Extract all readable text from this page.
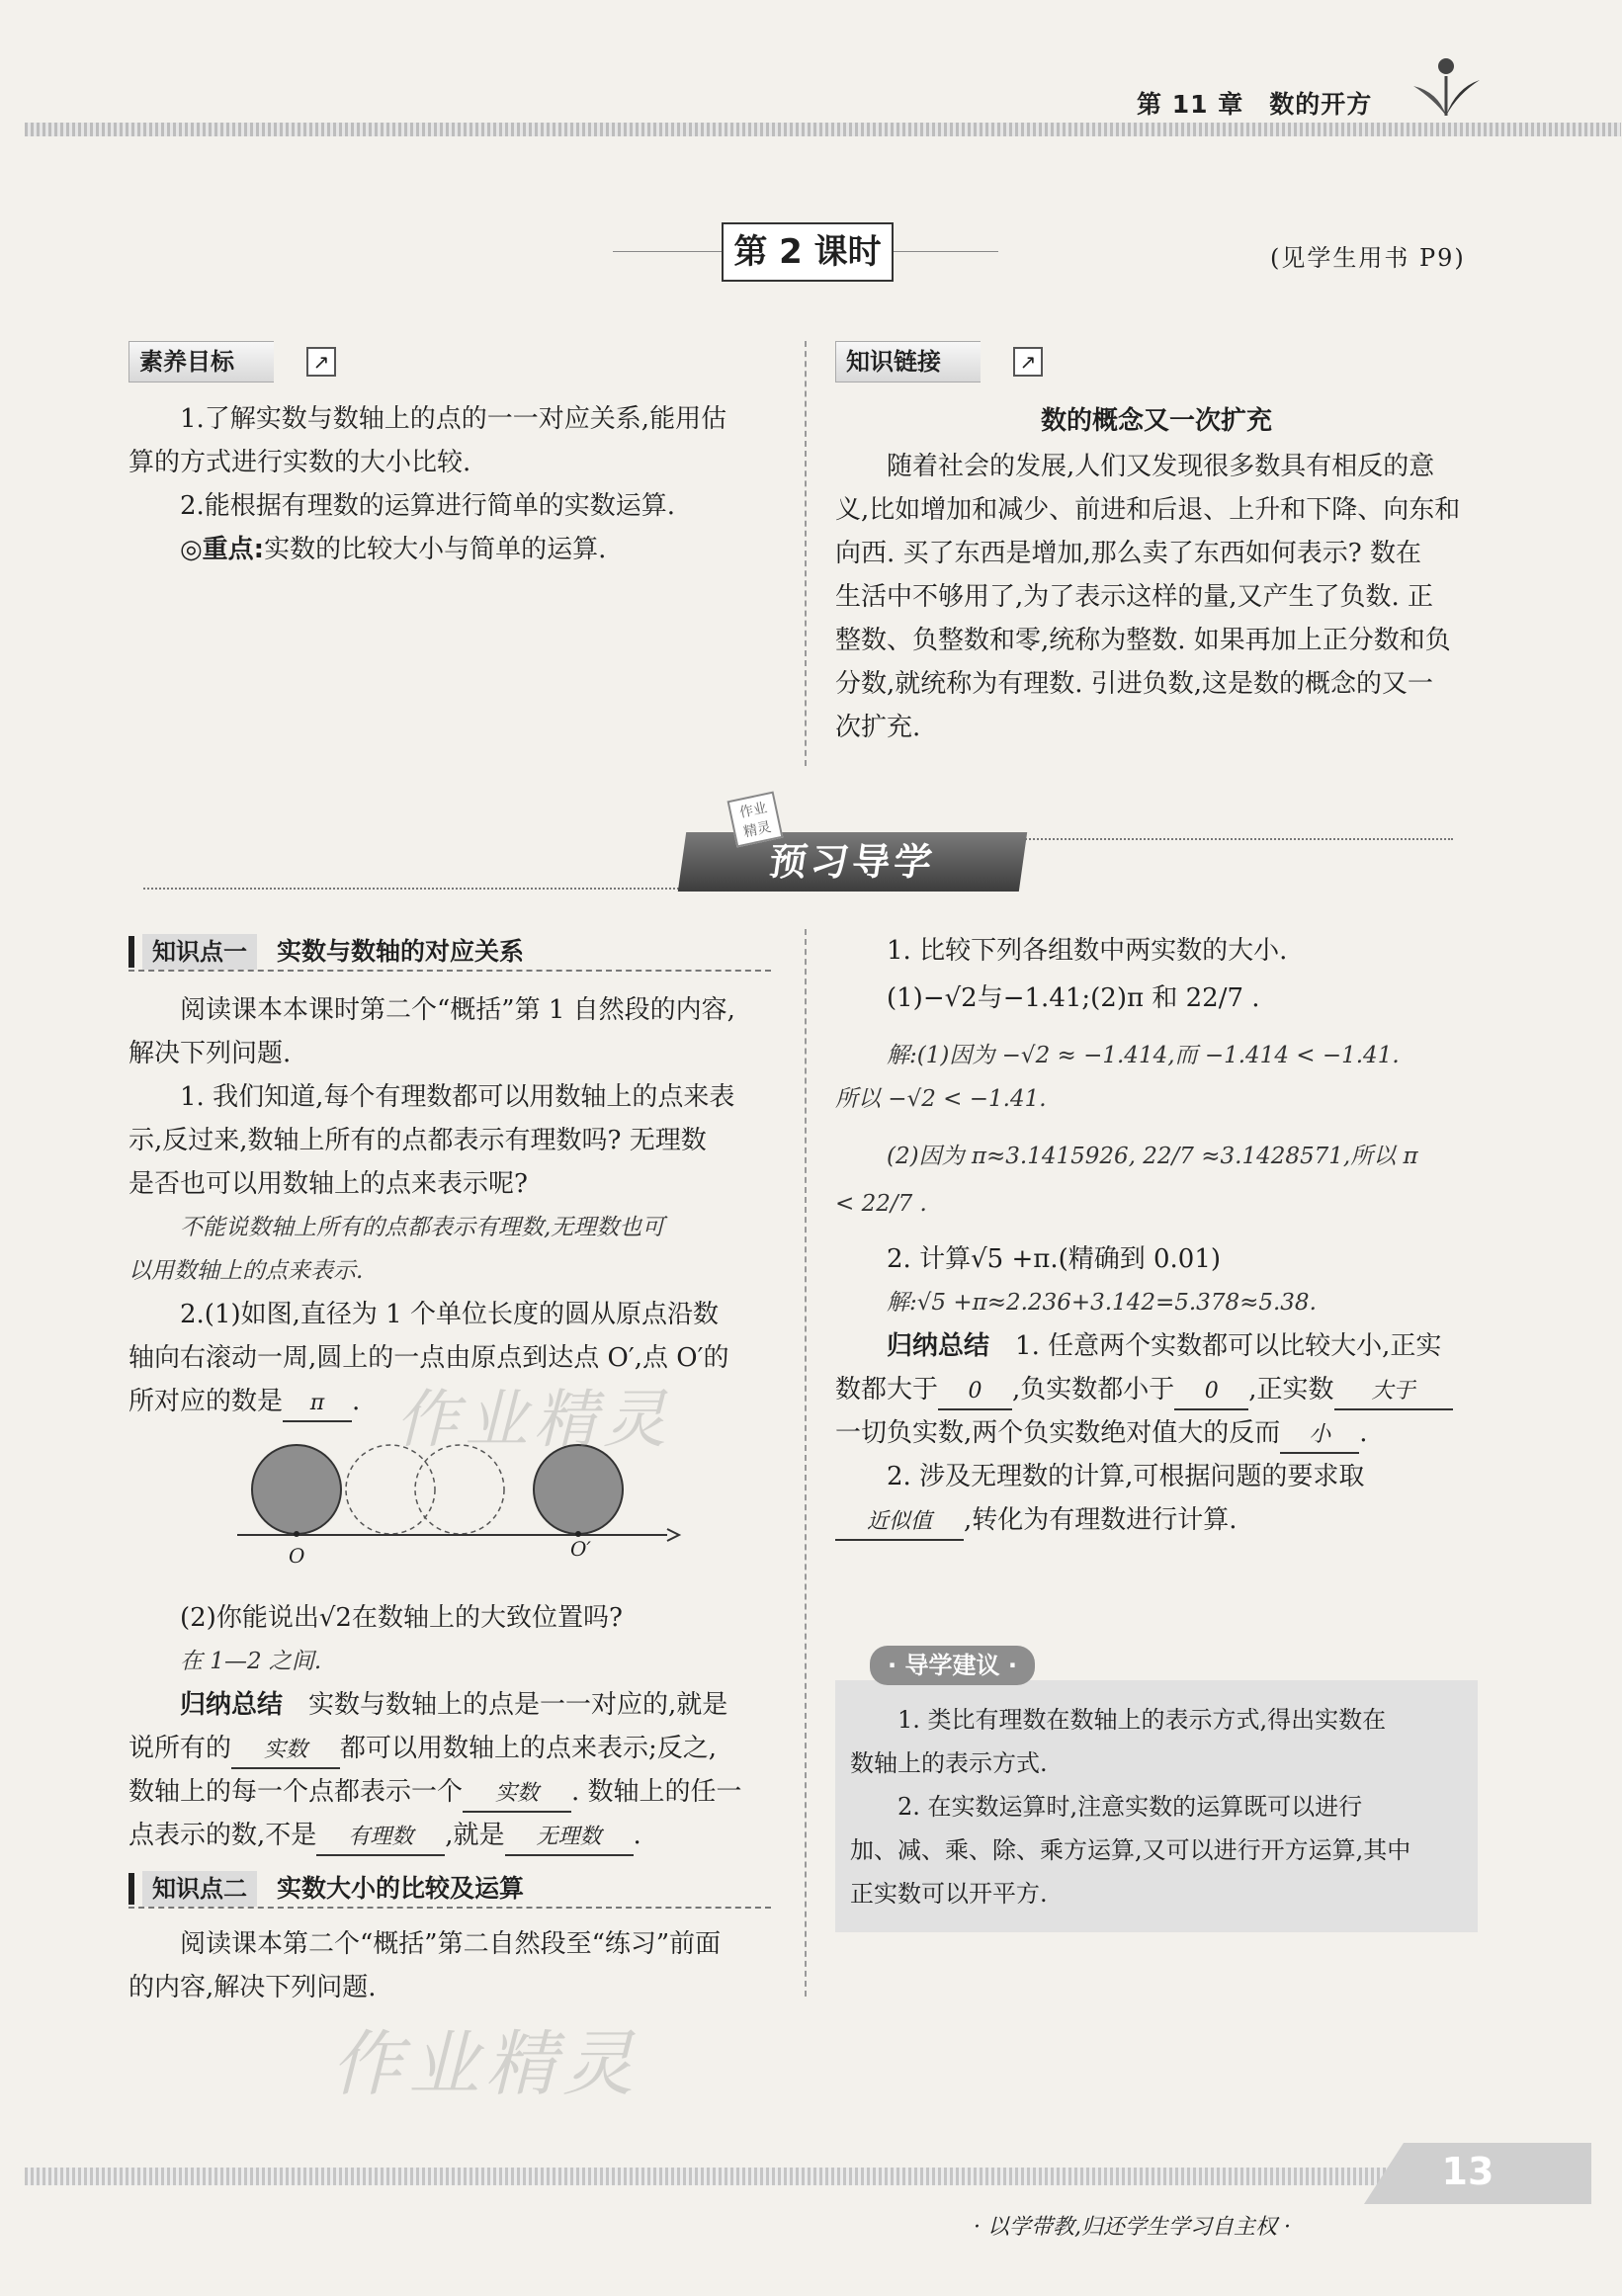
第 11 章　数的开方
第 2 课时	(见学生用书 P9)
素养目标	↗
1.了解实数与数轴上的点的一一对应关系,能用估
算的方式进行实数的大小比较.
2.能根据有理数的运算进行简单的实数运算.
◎重点:实数的比较大小与简单的运算.
知识链接	↗
数的概念又一次扩充
随着社会的发展,人们又发现很多数具有相反的意
义,比如增加和减少、前进和后退、上升和下降、向东和
向西. 买了东西是增加,那么卖了东西如何表示? 数在
生活中不够用了,为了表示这样的量,又产生了负数. 正
整数、负整数和零,统称为整数. 如果再加上正分数和负
分数,就统称为有理数. 引进负数,这是数的概念的又一
次扩充.
预习导学
作业
精灵
知识点一	实数与数轴的对应关系
阅读课本本课时第二个“概括”第 1 自然段的内容,
解决下列问题.
1. 我们知道,每个有理数都可以用数轴上的点来表
示,反过来,数轴上所有的点都表示有理数吗? 无理数
是否也可以用数轴上的点来表示呢?
不能说数轴上所有的点都表示有理数,无理数也可
以用数轴上的点来表示.
2.(1)如图,直径为 1 个单位长度的圆从原点沿数
轴向右滚动一周,圆上的一点由原点到达点 O′,点 O′的
所对应的数是 π .
O	O′
(2)你能说出√2在数轴上的大致位置吗?
在 1—2 之间.
归纳总结　 实数与数轴上的点是一一对应的,就是
说所有的 实数 都可以用数轴上的点来表示;反之,
数轴上的每一个点都表示一个 实数 . 数轴上的任一
点表示的数,不是 有理数 ,就是 无理数 .
知识点二	实数大小的比较及运算
阅读课本第二个“概括”第二自然段至“练习”前面
的内容,解决下列问题.
1. 比较下列各组数中两实数的大小.
(1)−√2与−1.41;(2)π 和 22/7 .
解:(1)因为 −√2 ≈ −1.414,而 −1.414 < −1.41.
所以 −√2 < −1.41.
(2)因为 π≈3.1415926, 22/7 ≈3.1428571,所以 π
< 22/7 .
2. 计算√5 +π.(精确到 0.01)
解:√5 +π≈2.236+3.142=5.378≈5.38.
归纳总结　 1. 任意两个实数都可以比较大小,正实
数都大于 0 ,负实数都小于 0 ,正实数 大于
一切负实数,两个负实数绝对值大的反而 小 .
2. 涉及无理数的计算,可根据问题的要求取
近似值 ,转化为有理数进行计算.
· 导学建议 ·
1. 类比有理数在数轴上的表示方式,得出实数在
数轴上的表示方式.
2. 在实数运算时,注意实数的运算既可以进行
加、减、乘、除、乘方运算,又可以进行开方运算,其中
正实数可以开平方.
作业精灵
作业精灵
13
· 以学带教,归还学生学习自主权 ·
